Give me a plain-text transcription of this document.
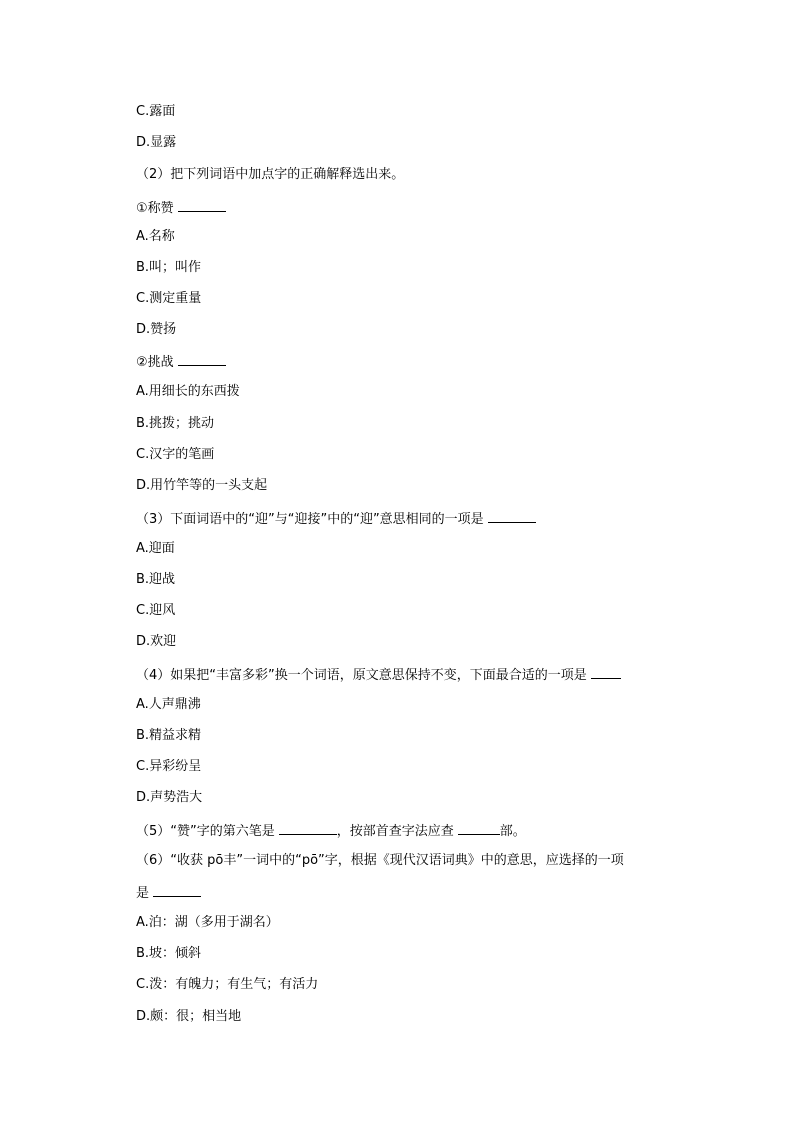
C.露面
D.显露
（2）把下列词语中加点字的正确解释选出来。
①称赞
A.名称
B.叫；叫作
C.测定重量
D.赞扬
②挑战
A.用细长的东西拨
B.挑拨；挑动
C.汉字的笔画
D.用竹竿等的一头支起
（3）下面词语中的“迎”与“迎接”中的“迎”意思相同的一项是
A.迎面
B.迎战
C.迎风
D.欢迎
（4）如果把“丰富多彩”换一个词语，原文意思保持不变，下面最合适的一项是
A.人声鼎沸
B.精益求精
C.异彩纷呈
D.声势浩大
（5）“赞”字的第六笔是	，按部首查字法应查	部。
（6）“收获 pō丰”一词中的“pō”字，根据《现代汉语词典》中的意思，应选择的一项
是
A.泊：湖（多用于湖名）
B.坡：倾斜
C.泼：有魄力；有生气；有活力
D.颇：很；相当地
